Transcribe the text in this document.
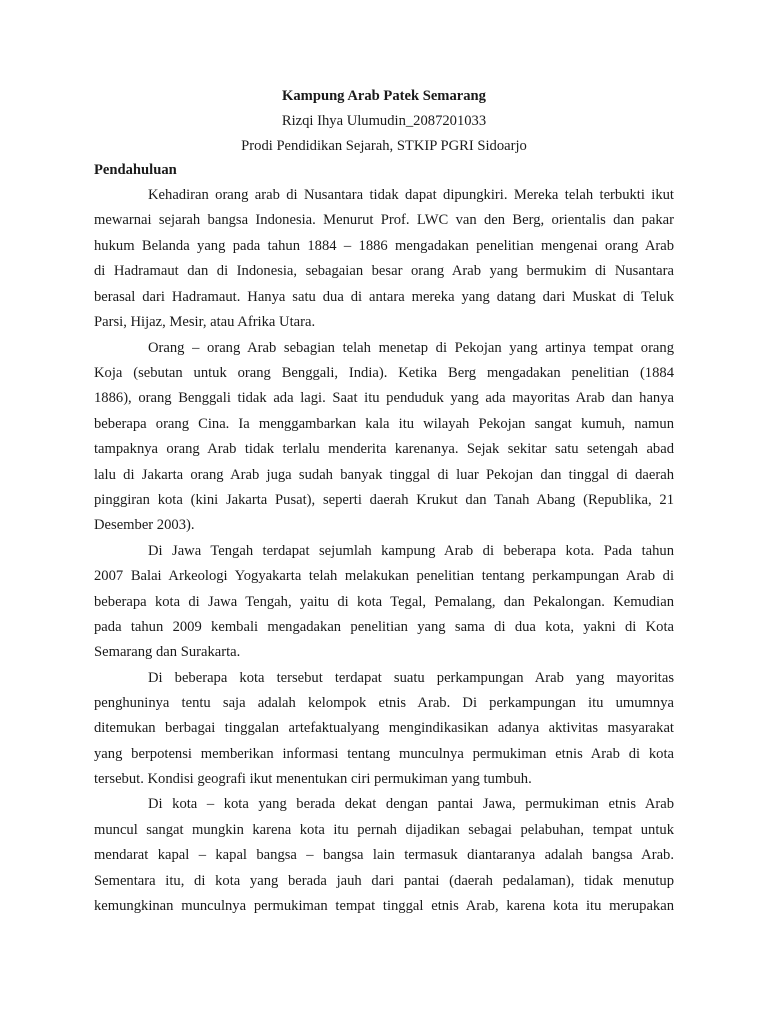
Kampung Arab Patek Semarang
Rizqi Ihya Ulumudin_2087201033
Prodi Pendidikan Sejarah, STKIP PGRI Sidoarjo
Pendahuluan
Kehadiran orang arab di Nusantara tidak dapat dipungkiri. Mereka telah terbukti ikut
mewarnai sejarah bangsa Indonesia. Menurut Prof. LWC van den Berg, orientalis dan pakar
hukum Belanda yang pada tahun 1884 – 1886 mengadakan penelitian mengenai orang Arab
di Hadramaut dan di Indonesia, sebagaian besar orang Arab yang bermukim di Nusantara
berasal dari Hadramaut. Hanya satu dua di antara mereka yang datang dari Muskat di Teluk
Parsi, Hijaz, Mesir, atau Afrika Utara.
Orang – orang Arab sebagian telah menetap di Pekojan yang artinya tempat orang
Koja (sebutan untuk orang Benggali, India). Ketika Berg mengadakan penelitian (1884
1886), orang Benggali tidak ada lagi. Saat itu penduduk yang ada mayoritas Arab dan hanya
beberapa orang Cina. Ia menggambarkan kala itu wilayah Pekojan sangat kumuh, namun
tampaknya orang Arab tidak terlalu menderita karenanya. Sejak sekitar satu setengah abad
lalu di Jakarta orang Arab juga sudah banyak tinggal di luar Pekojan dan tinggal di daerah
pinggiran kota (kini Jakarta Pusat), seperti daerah Krukut dan Tanah Abang (Republika, 21
Desember 2003).
Di Jawa Tengah terdapat sejumlah kampung Arab di beberapa kota. Pada tahun
2007 Balai Arkeologi Yogyakarta telah melakukan penelitian tentang perkampungan Arab di
beberapa kota di Jawa Tengah, yaitu di kota Tegal, Pemalang, dan Pekalongan. Kemudian
pada tahun 2009 kembali mengadakan penelitian yang sama di dua kota, yakni di Kota
Semarang dan Surakarta.
Di beberapa kota tersebut terdapat suatu perkampungan Arab yang mayoritas
penghuninya tentu saja adalah kelompok etnis Arab. Di perkampungan itu umumnya
ditemukan berbagai tinggalan artefaktualyang mengindikasikan adanya aktivitas masyarakat
yang berpotensi memberikan informasi tentang munculnya permukiman etnis Arab di kota
tersebut. Kondisi geografi ikut menentukan ciri permukiman yang tumbuh.
Di kota – kota yang berada dekat dengan pantai Jawa, permukiman etnis Arab
muncul sangat mungkin karena kota itu pernah dijadikan sebagai pelabuhan, tempat untuk
mendarat kapal – kapal bangsa – bangsa lain termasuk diantaranya adalah bangsa Arab.
Sementara itu, di kota yang berada jauh dari pantai (daerah pedalaman), tidak menutup
kemungkinan munculnya permukiman tempat tinggal etnis Arab, karena kota itu merupakan
